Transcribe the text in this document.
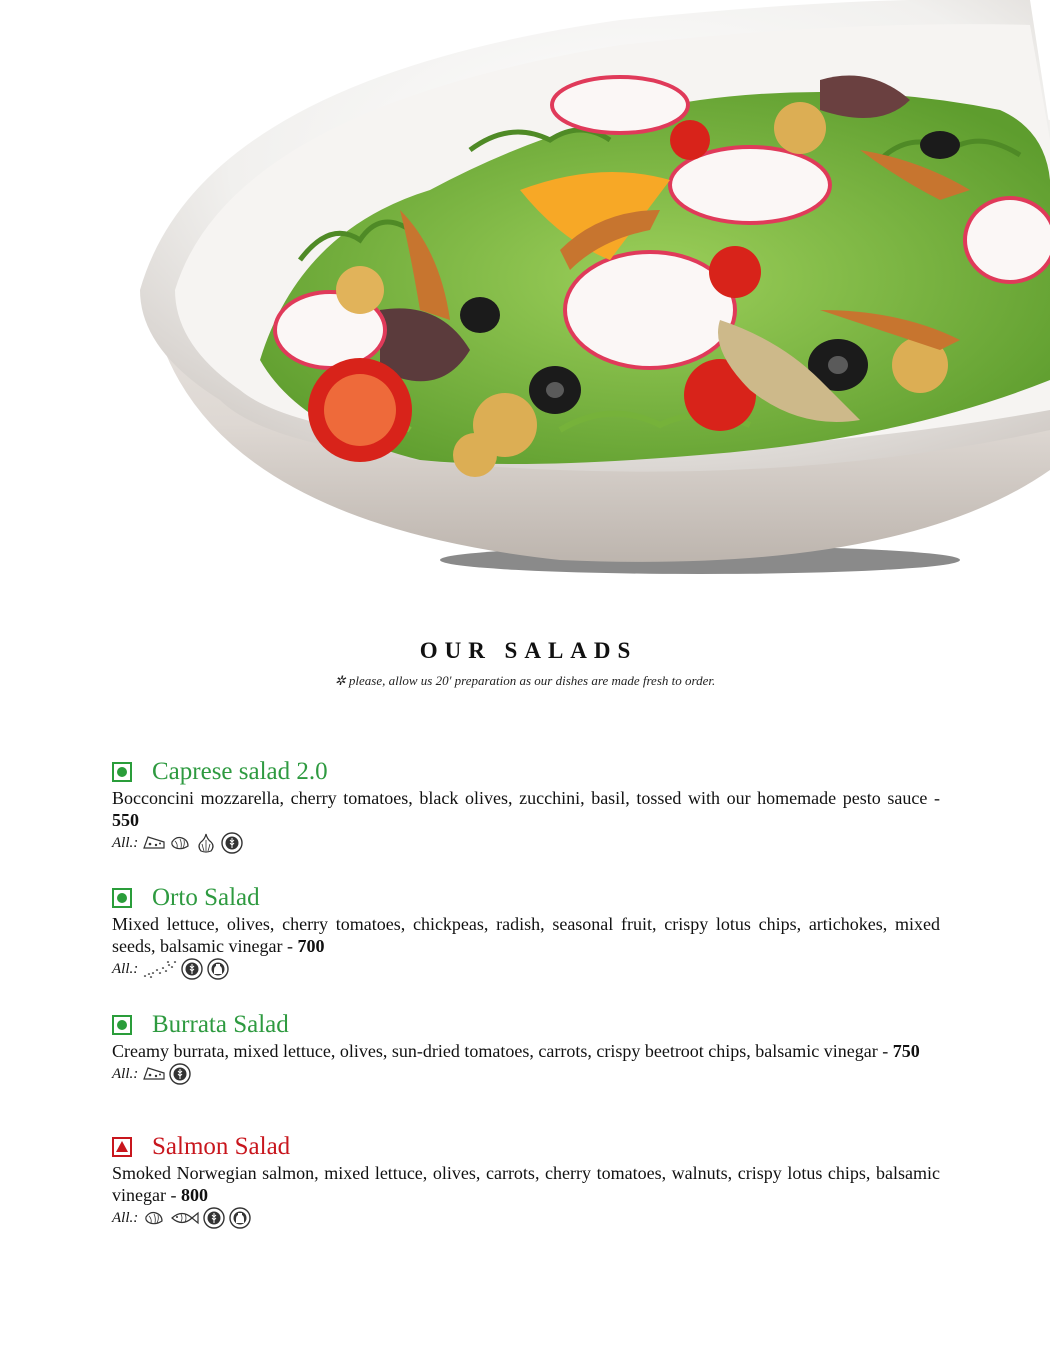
OUR SALADS
✲ please, allow us 20' preparation as our dishes are made fresh to order.
Caprese salad 2.0
Bocconcini mozzarella, cherry tomatoes, black olives, zucchini, basil, tossed with our homemade pesto sauce - 550
All.:
Orto Salad
Mixed lettuce, olives, cherry tomatoes, chickpeas, radish, seasonal fruit, crispy lotus chips, artichokes, mixed seeds, balsamic vinegar - 700
All.:
Burrata Salad
Creamy burrata, mixed lettuce, olives, sun-dried tomatoes, carrots, crispy beetroot chips, balsamic vinegar - 750
All.:
Salmon Salad
Smoked Norwegian salmon, mixed lettuce, olives, carrots, cherry tomatoes, walnuts, crispy lotus chips, balsamic vinegar - 800
All.:
